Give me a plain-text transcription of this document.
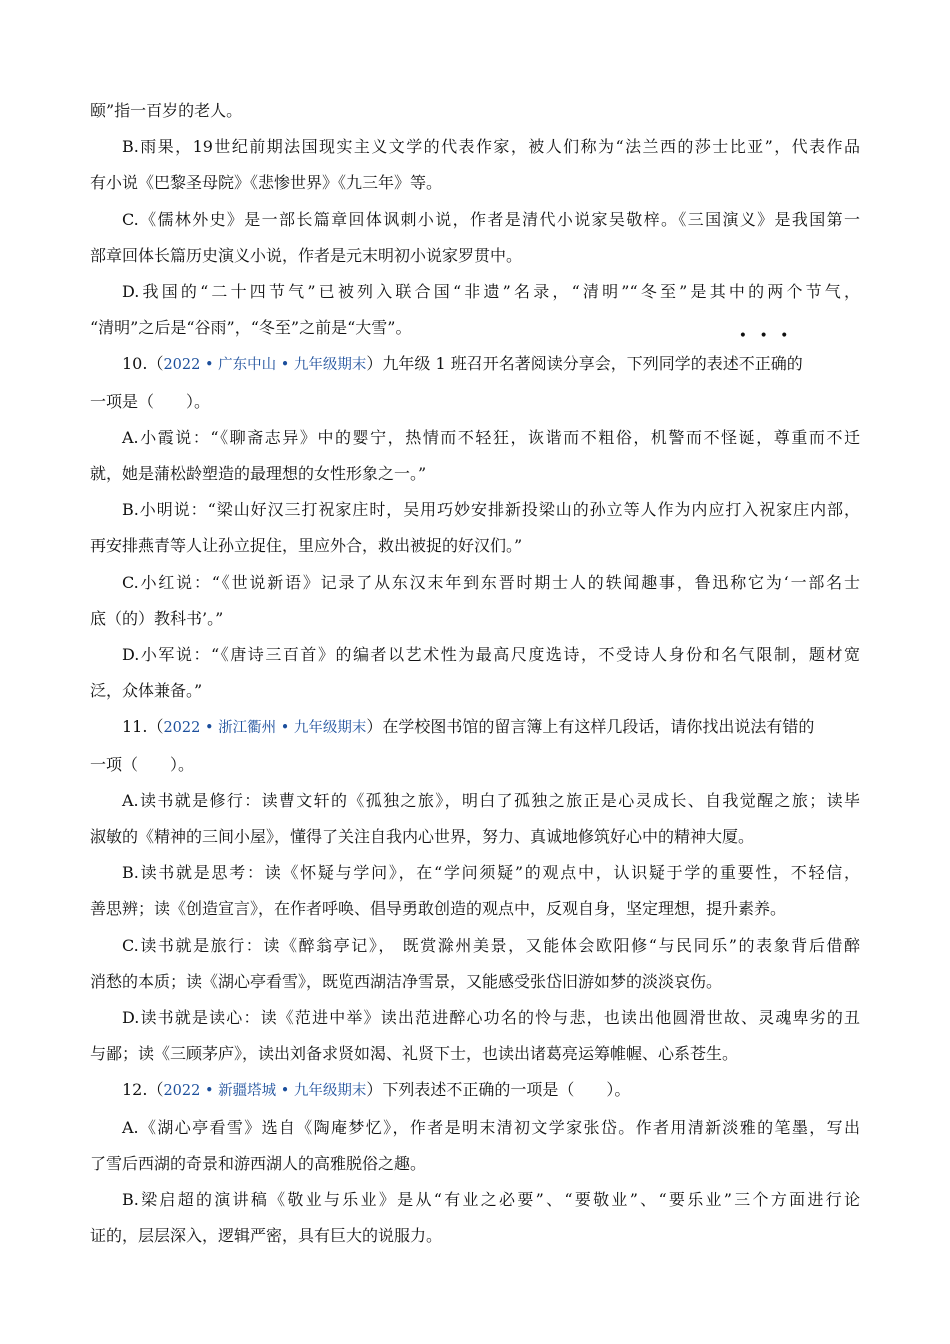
颐”指一百岁的老人。
B.雨果，19世纪前期法国现实主义文学的代表作家，被人们称为“法兰西的莎士比亚”，代表作品
有小说《巴黎圣母院》《悲惨世界》《九三年》等。
C.《儒林外史》是一部长篇章回体讽刺小说，作者是清代小说家吴敬梓。《三国演义》是我国第一
部章回体长篇历史演义小说，作者是元末明初小说家罗贯中。
D.我国的“二十四节气”已被列入联合国“非遗”名录，“清明”“冬至”是其中的两个节气，
“清明”之后是“谷雨”，“冬至”之前是“大雪”。
10.（2022 • 广东中山 • 九年级期末）九年级 1 班召开名著阅读分享会，下列同学的表述
• • •
不正确的
一项是（　　）。
A.小霞说：“《聊斋志异》中的婴宁，热情而不轻狂，诙谐而不粗俗，机警而不怪诞，尊重而不迁
就，她是蒲松龄塑造的最理想的女性形象之一。”
B.小明说：“梁山好汉三打祝家庄时，吴用巧妙安排新投梁山的孙立等人作为内应打入祝家庄内部，
再安排燕青等人让孙立捉住，里应外合，救出被捉的好汉们。”
C.小红说：“《世说新语》记录了从东汉末年到东晋时期士人的轶闻趣事，鲁迅称它为‘一部名士
底（的）教科书’。”
D.小军说：“《唐诗三百首》的编者以艺术性为最高尺度选诗，不受诗人身份和名气限制，题材宽
泛，众体兼备。”
11.（2022 • 浙江衢州 • 九年级期末）在学校图书馆的留言簿上有这样几段话，请你找出说法有错的
一项（　　）。
A.读书就是修行：读曹文轩的《孤独之旅》，明白了孤独之旅正是心灵成长、自我觉醒之旅；读毕
淑敏的《精神的三间小屋》，懂得了关注自我内心世界，努力、真诚地修筑好心中的精神大厦。
B.读书就是思考：读《怀疑与学问》，在“学问须疑”的观点中，认识疑于学的重要性，不轻信，
善思辨；读《创造宣言》，在作者呼唤、倡导勇敢创造的观点中，反观自身，坚定理想，提升素养。
C.读书就是旅行：读《醉翁亭记》， 既赏滁州美景，又能体会欧阳修“与民同乐”的表象背后借醉
消愁的本质；读《湖心亭看雪》，既览西湖洁净雪景，又能感受张岱旧游如梦的淡淡哀伤。
D.读书就是读心：读《范进中举》读出范进醉心功名的怜与悲，也读出他圆滑世故、灵魂卑劣的丑
与鄙；读《三顾茅庐》，读出刘备求贤如渴、礼贤下士，也读出诸葛亮运筹帷幄、心系苍生。
12.（2022 • 新疆塔城 • 九年级期末）下列表述不正确的一项是（　　）。
A.《湖心亭看雪》选自《陶庵梦忆》，作者是明末清初文学家张岱。作者用清新淡雅的笔墨，写出
了雪后西湖的奇景和游西湖人的高雅脱俗之趣。
B.梁启超的演讲稿《敬业与乐业》是从“有业之必要”、“要敬业”、“要乐业”三个方面进行论
证的，层层深入，逻辑严密，具有巨大的说服力。
